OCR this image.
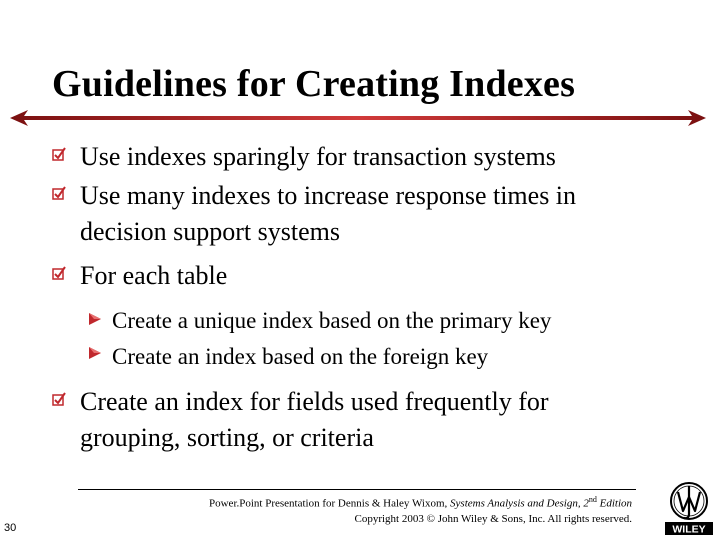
Guidelines for Creating Indexes
Use indexes sparingly for transaction systems
Use many indexes to increase response times in
decision support systems
For each table
Create a unique index based on the primary key
Create an index based on the foreign key
Create an index for fields used frequently for
grouping, sorting, or criteria
Power.Point Presentation for Dennis & Haley Wixom, Systems Analysis and Design, 2nd Edition
Copyright 2003 © John Wiley & Sons, Inc. All rights reserved.
30	WILEY
